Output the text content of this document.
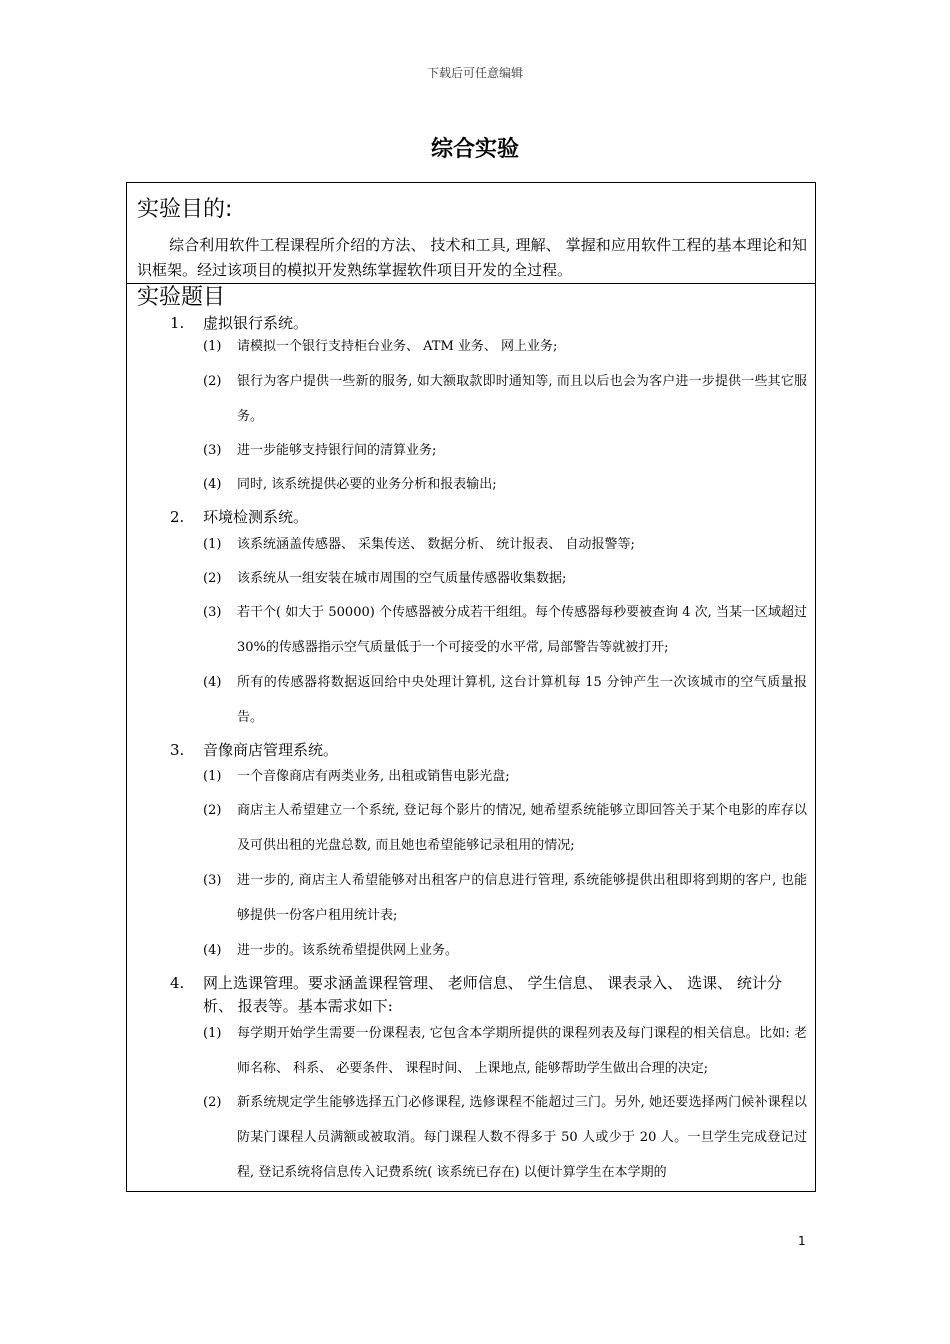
下载后可任意编辑
综合实验
实验目的:
综合利用软件工程课程所介绍的方法、 技术和工具, 理解、 掌握和应用软件工程的基本理论和知识框架。经过该项目的模拟开发熟练掌握软件项目开发的全过程。
实验题目
1. 虚拟银行系统。
(1) 请模拟一个银行支持柜台业务、 ATM 业务、 网上业务;
(2) 银行为客户提供一些新的服务, 如大额取款即时通知等, 而且以后也会为客户进一步提供一些其它服务。
(3) 进一步能够支持银行间的清算业务;
(4) 同时, 该系统提供必要的业务分析和报表输出;
2. 环境检测系统。
(1) 该系统涵盖传感器、 采集传送、 数据分析、 统计报表、 自动报警等;
(2) 该系统从一组安装在城市周围的空气质量传感器收集数据;
(3) 若干个( 如大于 50000) 个传感器被分成若干组组。每个传感器每秒要被查询 4 次, 当某一区域超过 30%的传感器指示空气质量低于一个可接受的水平常, 局部警告等就被打开;
(4) 所有的传感器将数据返回给中央处理计算机, 这台计算机每 15 分钟产生一次该城市的空气质量报告。
3. 音像商店管理系统。
(1) 一个音像商店有两类业务, 出租或销售电影光盘;
(2) 商店主人希望建立一个系统, 登记每个影片的情况, 她希望系统能够立即回答关于某个电影的库存以及可供出租的光盘总数, 而且她也希望能够记录租用的情况;
(3) 进一步的, 商店主人希望能够对出租客户的信息进行管理, 系统能够提供出租即将到期的客户, 也能够提供一份客户租用统计表;
(4) 进一步的。该系统希望提供网上业务。
4. 网上选课管理。要求涵盖课程管理、 老师信息、 学生信息、 课表录入、 选课、 统计分析、 报表等。基本需求如下:
(1) 每学期开始学生需要一份课程表, 它包含本学期所提供的课程列表及每门课程的相关信息。比如: 老师名称、 科系、 必要条件、 课程时间、 上课地点, 能够帮助学生做出合理的决定;
(2) 新系统规定学生能够选择五门必修课程, 选修课程不能超过三门。另外, 她还要选择两门候补课程以防某门课程人员满额或被取消。每门课程人数不得多于 50 人或少于 20 人。一旦学生完成登记过程, 登记系统将信息传入记费系统( 该系统已存在) 以便计算学生在本学期的
1
